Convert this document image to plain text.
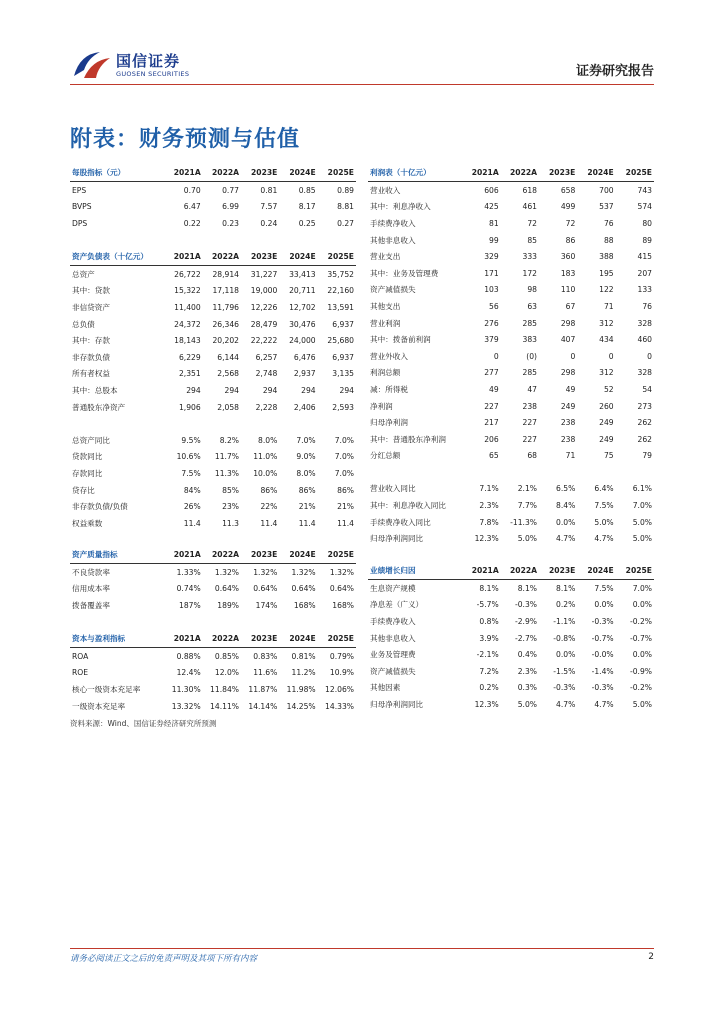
国信证券
GUOSEN SECURITIES	证券研究报告
附表：财务预测与估值
每股指标（元）	2021A	2022A	2023E	2024E	2025E
EPS	0.70	0.77	0.81	0.85	0.89
BVPS	6.47	6.99	7.57	8.17	8.81
DPS	0.22	0.23	0.24	0.25	0.27
资产负债表（十亿元）	2021A	2022A	2023E	2024E	2025E
总资产	26,722	28,914	31,227	33,413	35,752
其中：贷款	15,322	17,118	19,000	20,711	22,160
非信贷资产	11,400	11,796	12,226	12,702	13,591
总负债	24,372	26,346	28,479	30,476	6,937
其中：存款	18,143	20,202	22,222	24,000	25,680
非存款负债	6,229	6,144	6,257	6,476	6,937
所有者权益	2,351	2,568	2,748	2,937	3,135
其中：总股本	294	294	294	294	294
普通股东净资产	1,906	2,058	2,228	2,406	2,593

总资产同比	9.5%	8.2%	8.0%	7.0%	7.0%
贷款同比	10.6%	11.7%	11.0%	9.0%	7.0%
存款同比	7.5%	11.3%	10.0%	8.0%	7.0%
贷存比	84%	85%	86%	86%	86%
非存款负债/负债	26%	23%	22%	21%	21%
权益乘数	11.4	11.3	11.4	11.4	11.4
资产质量指标	2021A	2022A	2023E	2024E	2025E
不良贷款率	1.33%	1.32%	1.32%	1.32%	1.32%
信用成本率	0.74%	0.64%	0.64%	0.64%	0.64%
拨备覆盖率	187%	189%	174%	168%	168%
资本与盈利指标	2021A	2022A	2023E	2024E	2025E
ROA	0.88%	0.85%	0.83%	0.81%	0.79%
ROE	12.4%	12.0%	11.6%	11.2%	10.9%
核心一级资本充足率	11.30%	11.84%	11.87%	11.98%	12.06%
一级资本充足率	13.32%	14.11%	14.14%	14.25%	14.33%
利润表（十亿元）	2021A	2022A	2023E	2024E	2025E
营业收入	606	618	658	700	743
其中：利息净收入	425	461	499	537	574
手续费净收入	81	72	72	76	80
其他非息收入	99	85	86	88	89
营业支出	329	333	360	388	415
其中：业务及管理费	171	172	183	195	207
资产减值损失	103	98	110	122	133
其他支出	56	63	67	71	76
营业利润	276	285	298	312	328
其中：拨备前利润	379	383	407	434	460
营业外收入	0	(0)	0	0	0
利润总额	277	285	298	312	328
减：所得税	49	47	49	52	54
净利润	227	238	249	260	273
归母净利润	217	227	238	249	262
其中：普通股东净利润	206	227	238	249	262
分红总额	65	68	71	75	79

营业收入同比	7.1%	2.1%	6.5%	6.4%	6.1%
其中：利息净收入同比	2.3%	7.7%	8.4%	7.5%	7.0%
手续费净收入同比	7.8%	-11.3%	0.0%	5.0%	5.0%
归母净利润同比	12.3%	5.0%	4.7%	4.7%	5.0%
业绩增长归因	2021A	2022A	2023E	2024E	2025E
生息资产规模	8.1%	8.1%	8.1%	7.5%	7.0%
净息差（广义）	-5.7%	-0.3%	0.2%	0.0%	0.0%
手续费净收入	0.8%	-2.9%	-1.1%	-0.3%	-0.2%
其他非息收入	3.9%	-2.7%	-0.8%	-0.7%	-0.7%
业务及管理费	-2.1%	0.4%	0.0%	-0.0%	0.0%
资产减值损失	7.2%	2.3%	-1.5%	-1.4%	-0.9%
其他因素	0.2%	0.3%	-0.3%	-0.3%	-0.2%
归母净利润同比	12.3%	5.0%	4.7%	4.7%	5.0%
资料来源：Wind、国信证券经济研究所预测
请务必阅读正文之后的免责声明及其项下所有内容	2
